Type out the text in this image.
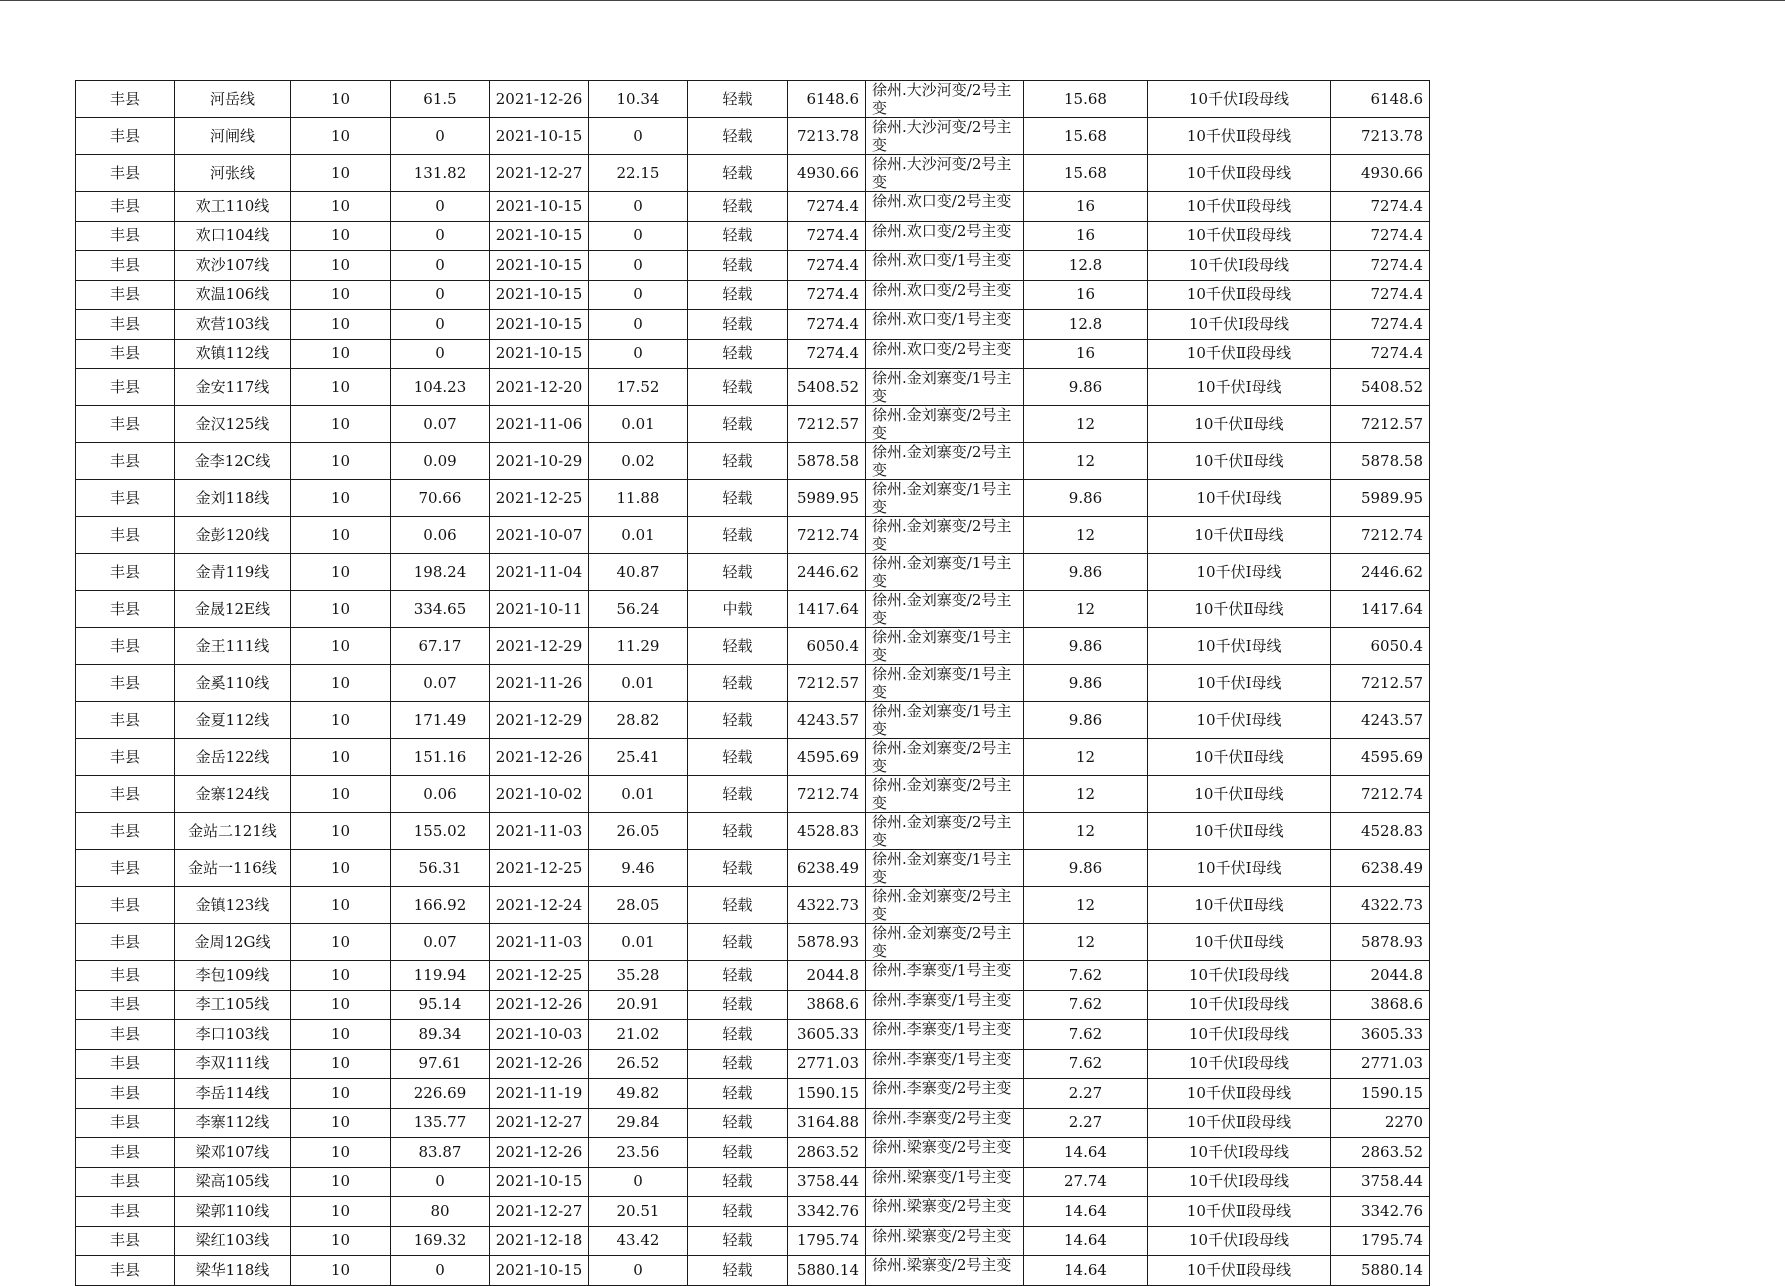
丰县	河岳线	10	61.5	2021-12-26	10.34	轻载	6148.6	徐州.大沙河变/2号主变	15.68	10千伏Ⅰ段母线	6148.6
丰县	河闸线	10	0	2021-10-15	0	轻载	7213.78	徐州.大沙河变/2号主变	15.68	10千伏Ⅱ段母线	7213.78
丰县	河张线	10	131.82	2021-12-27	22.15	轻载	4930.66	徐州.大沙河变/2号主变	15.68	10千伏Ⅱ段母线	4930.66
丰县	欢工110线	10	0	2021-10-15	0	轻载	7274.4	徐州.欢口变/2号主变	16	10千伏Ⅱ段母线	7274.4
丰县	欢口104线	10	0	2021-10-15	0	轻载	7274.4	徐州.欢口变/2号主变	16	10千伏Ⅱ段母线	7274.4
丰县	欢沙107线	10	0	2021-10-15	0	轻载	7274.4	徐州.欢口变/1号主变	12.8	10千伏Ⅰ段母线	7274.4
丰县	欢温106线	10	0	2021-10-15	0	轻载	7274.4	徐州.欢口变/2号主变	16	10千伏Ⅱ段母线	7274.4
丰县	欢营103线	10	0	2021-10-15	0	轻载	7274.4	徐州.欢口变/1号主变	12.8	10千伏Ⅰ段母线	7274.4
丰县	欢镇112线	10	0	2021-10-15	0	轻载	7274.4	徐州.欢口变/2号主变	16	10千伏Ⅱ段母线	7274.4
丰县	金安117线	10	104.23	2021-12-20	17.52	轻载	5408.52	徐州.金刘寨变/1号主变	9.86	10千伏Ⅰ母线	5408.52
丰县	金汉125线	10	0.07	2021-11-06	0.01	轻载	7212.57	徐州.金刘寨变/2号主变	12	10千伏Ⅱ母线	7212.57
丰县	金李12C线	10	0.09	2021-10-29	0.02	轻载	5878.58	徐州.金刘寨变/2号主变	12	10千伏Ⅱ母线	5878.58
丰县	金刘118线	10	70.66	2021-12-25	11.88	轻载	5989.95	徐州.金刘寨变/1号主变	9.86	10千伏Ⅰ母线	5989.95
丰县	金彭120线	10	0.06	2021-10-07	0.01	轻载	7212.74	徐州.金刘寨变/2号主变	12	10千伏Ⅱ母线	7212.74
丰县	金青119线	10	198.24	2021-11-04	40.87	轻载	2446.62	徐州.金刘寨变/1号主变	9.86	10千伏Ⅰ母线	2446.62
丰县	金晟12E线	10	334.65	2021-10-11	56.24	中载	1417.64	徐州.金刘寨变/2号主变	12	10千伏Ⅱ母线	1417.64
丰县	金王111线	10	67.17	2021-12-29	11.29	轻载	6050.4	徐州.金刘寨变/1号主变	9.86	10千伏Ⅰ母线	6050.4
丰县	金奚110线	10	0.07	2021-11-26	0.01	轻载	7212.57	徐州.金刘寨变/1号主变	9.86	10千伏Ⅰ母线	7212.57
丰县	金夏112线	10	171.49	2021-12-29	28.82	轻载	4243.57	徐州.金刘寨变/1号主变	9.86	10千伏Ⅰ母线	4243.57
丰县	金岳122线	10	151.16	2021-12-26	25.41	轻载	4595.69	徐州.金刘寨变/2号主变	12	10千伏Ⅱ母线	4595.69
丰县	金寨124线	10	0.06	2021-10-02	0.01	轻载	7212.74	徐州.金刘寨变/2号主变	12	10千伏Ⅱ母线	7212.74
丰县	金站二121线	10	155.02	2021-11-03	26.05	轻载	4528.83	徐州.金刘寨变/2号主变	12	10千伏Ⅱ母线	4528.83
丰县	金站一116线	10	56.31	2021-12-25	9.46	轻载	6238.49	徐州.金刘寨变/1号主变	9.86	10千伏Ⅰ母线	6238.49
丰县	金镇123线	10	166.92	2021-12-24	28.05	轻载	4322.73	徐州.金刘寨变/2号主变	12	10千伏Ⅱ母线	4322.73
丰县	金周12G线	10	0.07	2021-11-03	0.01	轻载	5878.93	徐州.金刘寨变/2号主变	12	10千伏Ⅱ母线	5878.93
丰县	李包109线	10	119.94	2021-12-25	35.28	轻载	2044.8	徐州.李寨变/1号主变	7.62	10千伏Ⅰ段母线	2044.8
丰县	李工105线	10	95.14	2021-12-26	20.91	轻载	3868.6	徐州.李寨变/1号主变	7.62	10千伏Ⅰ段母线	3868.6
丰县	李口103线	10	89.34	2021-10-03	21.02	轻载	3605.33	徐州.李寨变/1号主变	7.62	10千伏Ⅰ段母线	3605.33
丰县	李双111线	10	97.61	2021-12-26	26.52	轻载	2771.03	徐州.李寨变/1号主变	7.62	10千伏Ⅰ段母线	2771.03
丰县	李岳114线	10	226.69	2021-11-19	49.82	轻载	1590.15	徐州.李寨变/2号主变	2.27	10千伏Ⅱ段母线	1590.15
丰县	李寨112线	10	135.77	2021-12-27	29.84	轻载	3164.88	徐州.李寨变/2号主变	2.27	10千伏Ⅱ段母线	2270
丰县	梁邓107线	10	83.87	2021-12-26	23.56	轻载	2863.52	徐州.梁寨变/2号主变	14.64	10千伏Ⅰ段母线	2863.52
丰县	梁高105线	10	0	2021-10-15	0	轻载	3758.44	徐州.梁寨变/1号主变	27.74	10千伏Ⅰ段母线	3758.44
丰县	梁郭110线	10	80	2021-12-27	20.51	轻载	3342.76	徐州.梁寨变/2号主变	14.64	10千伏Ⅱ段母线	3342.76
丰县	梁红103线	10	169.32	2021-12-18	43.42	轻载	1795.74	徐州.梁寨变/2号主变	14.64	10千伏Ⅰ段母线	1795.74
丰县	梁华118线	10	0	2021-10-15	0	轻载	5880.14	徐州.梁寨变/2号主变	14.64	10千伏Ⅱ段母线	5880.14
